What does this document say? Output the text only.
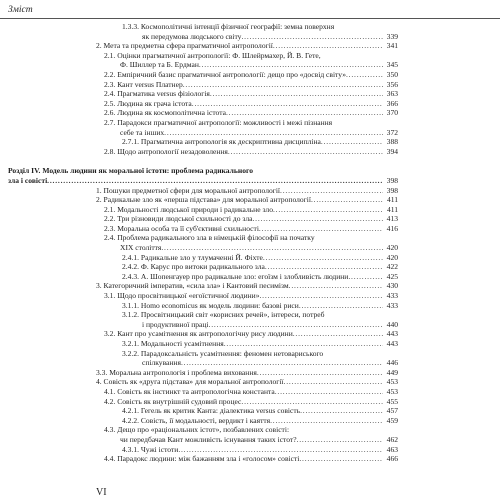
Зміст
1.3.3. Космополітичні інтенції фізичної географії: земна поверхня
як передумова людського світу .....	339
2. Мета та предметна сфера прагматичної антропології .....	341
2.1. Оцінки прагматичної антропології: Ф. Шлейрмахер, Й. В. Гете,
Ф. Шиллер та Б. Ердман .....	345
2.2. Емпіричний базис прагматичної антропології: дещо про «досвід світу» .....	350
2.3. Кант versus Платнер .....	356
2.4. Прагматика versus фізіологія .....	363
2.5. Людина як грача істота .....	366
2.6. Людина як космополітична істота .....	370
2.7. Парадокси прагматичної антропології: можливості і межі пізнання
себе та інших .....	372
2.7.1. Прагматична антропологія як дескриптивна дисципліна .....	388
2.8. Щодо антропології незадоволення .....	394
Розділ IV. Модель людини як моральної істоти: проблема радикального
зла і совісті .....	398
1. Пошуки предметної сфери для моральної антропології .....	398
2. Радикальне зло як «перша підстава» для моральної антропології .....	411
2.1. Модальності людської природи і радикальне зло .....	411
2.2. Три різновиди людської схильності до зла .....	413
2.3. Моральна особа та її суб'єктивні схильності .....	416
2.4. Проблема радикального зла в німецькій філософії на початку
XIX століття .....	420
2.4.1. Радикальне зло у тлумаченні Й. Фіхте .....	420
2.4.2. Ф. Карус про витоки радикального зла .....	422
2.4.3. А. Шопенгауер про радикальне зло: егоїзм і злобливість людини .....	425
3. Категоричний імператив, «сила зла» і Кантовий песимізм .....	430
3.1. Щодо просвітницької «егоїстичної людини» .....	433
3.1.1. Homo economicus як модель людини: базові риси .....	433
3.1.2. Просвітницький світ «корисних речей», інтереси, потреб
і продуктивної праці .....	440
3.2. Кант про усамітнення як антропологічну рису людини .....	443
3.2.1. Модальності усамітнення .....	443
3.2.2. Парадоксальність усамітнення: феномен нетовариського
спілкування .....	446
3.3. Моральна антропологія і проблема виховання .....	449
4. Совість як «друга підстава» для моральної антропології .....	453
4.1. Совість як інстинкт та антропологічна константа .....	453
4.2. Совість як внутрішній судовий процес .....	455
4.2.1. Гегель як критик Канта: діалектика versus совість .....	457
4.2.2. Совість, ії модальності, вердикт і каяття .....	459
4.3. Дещо про «раціональних істот», позбавлених совісті:
чи передбачав Кант можливість існування таких істот? .....	462
4.3.1. Чужі істоти .....	463
4.4. Парадокс людини: між бажанням зла і «голосом» совісті .....	466
VI
